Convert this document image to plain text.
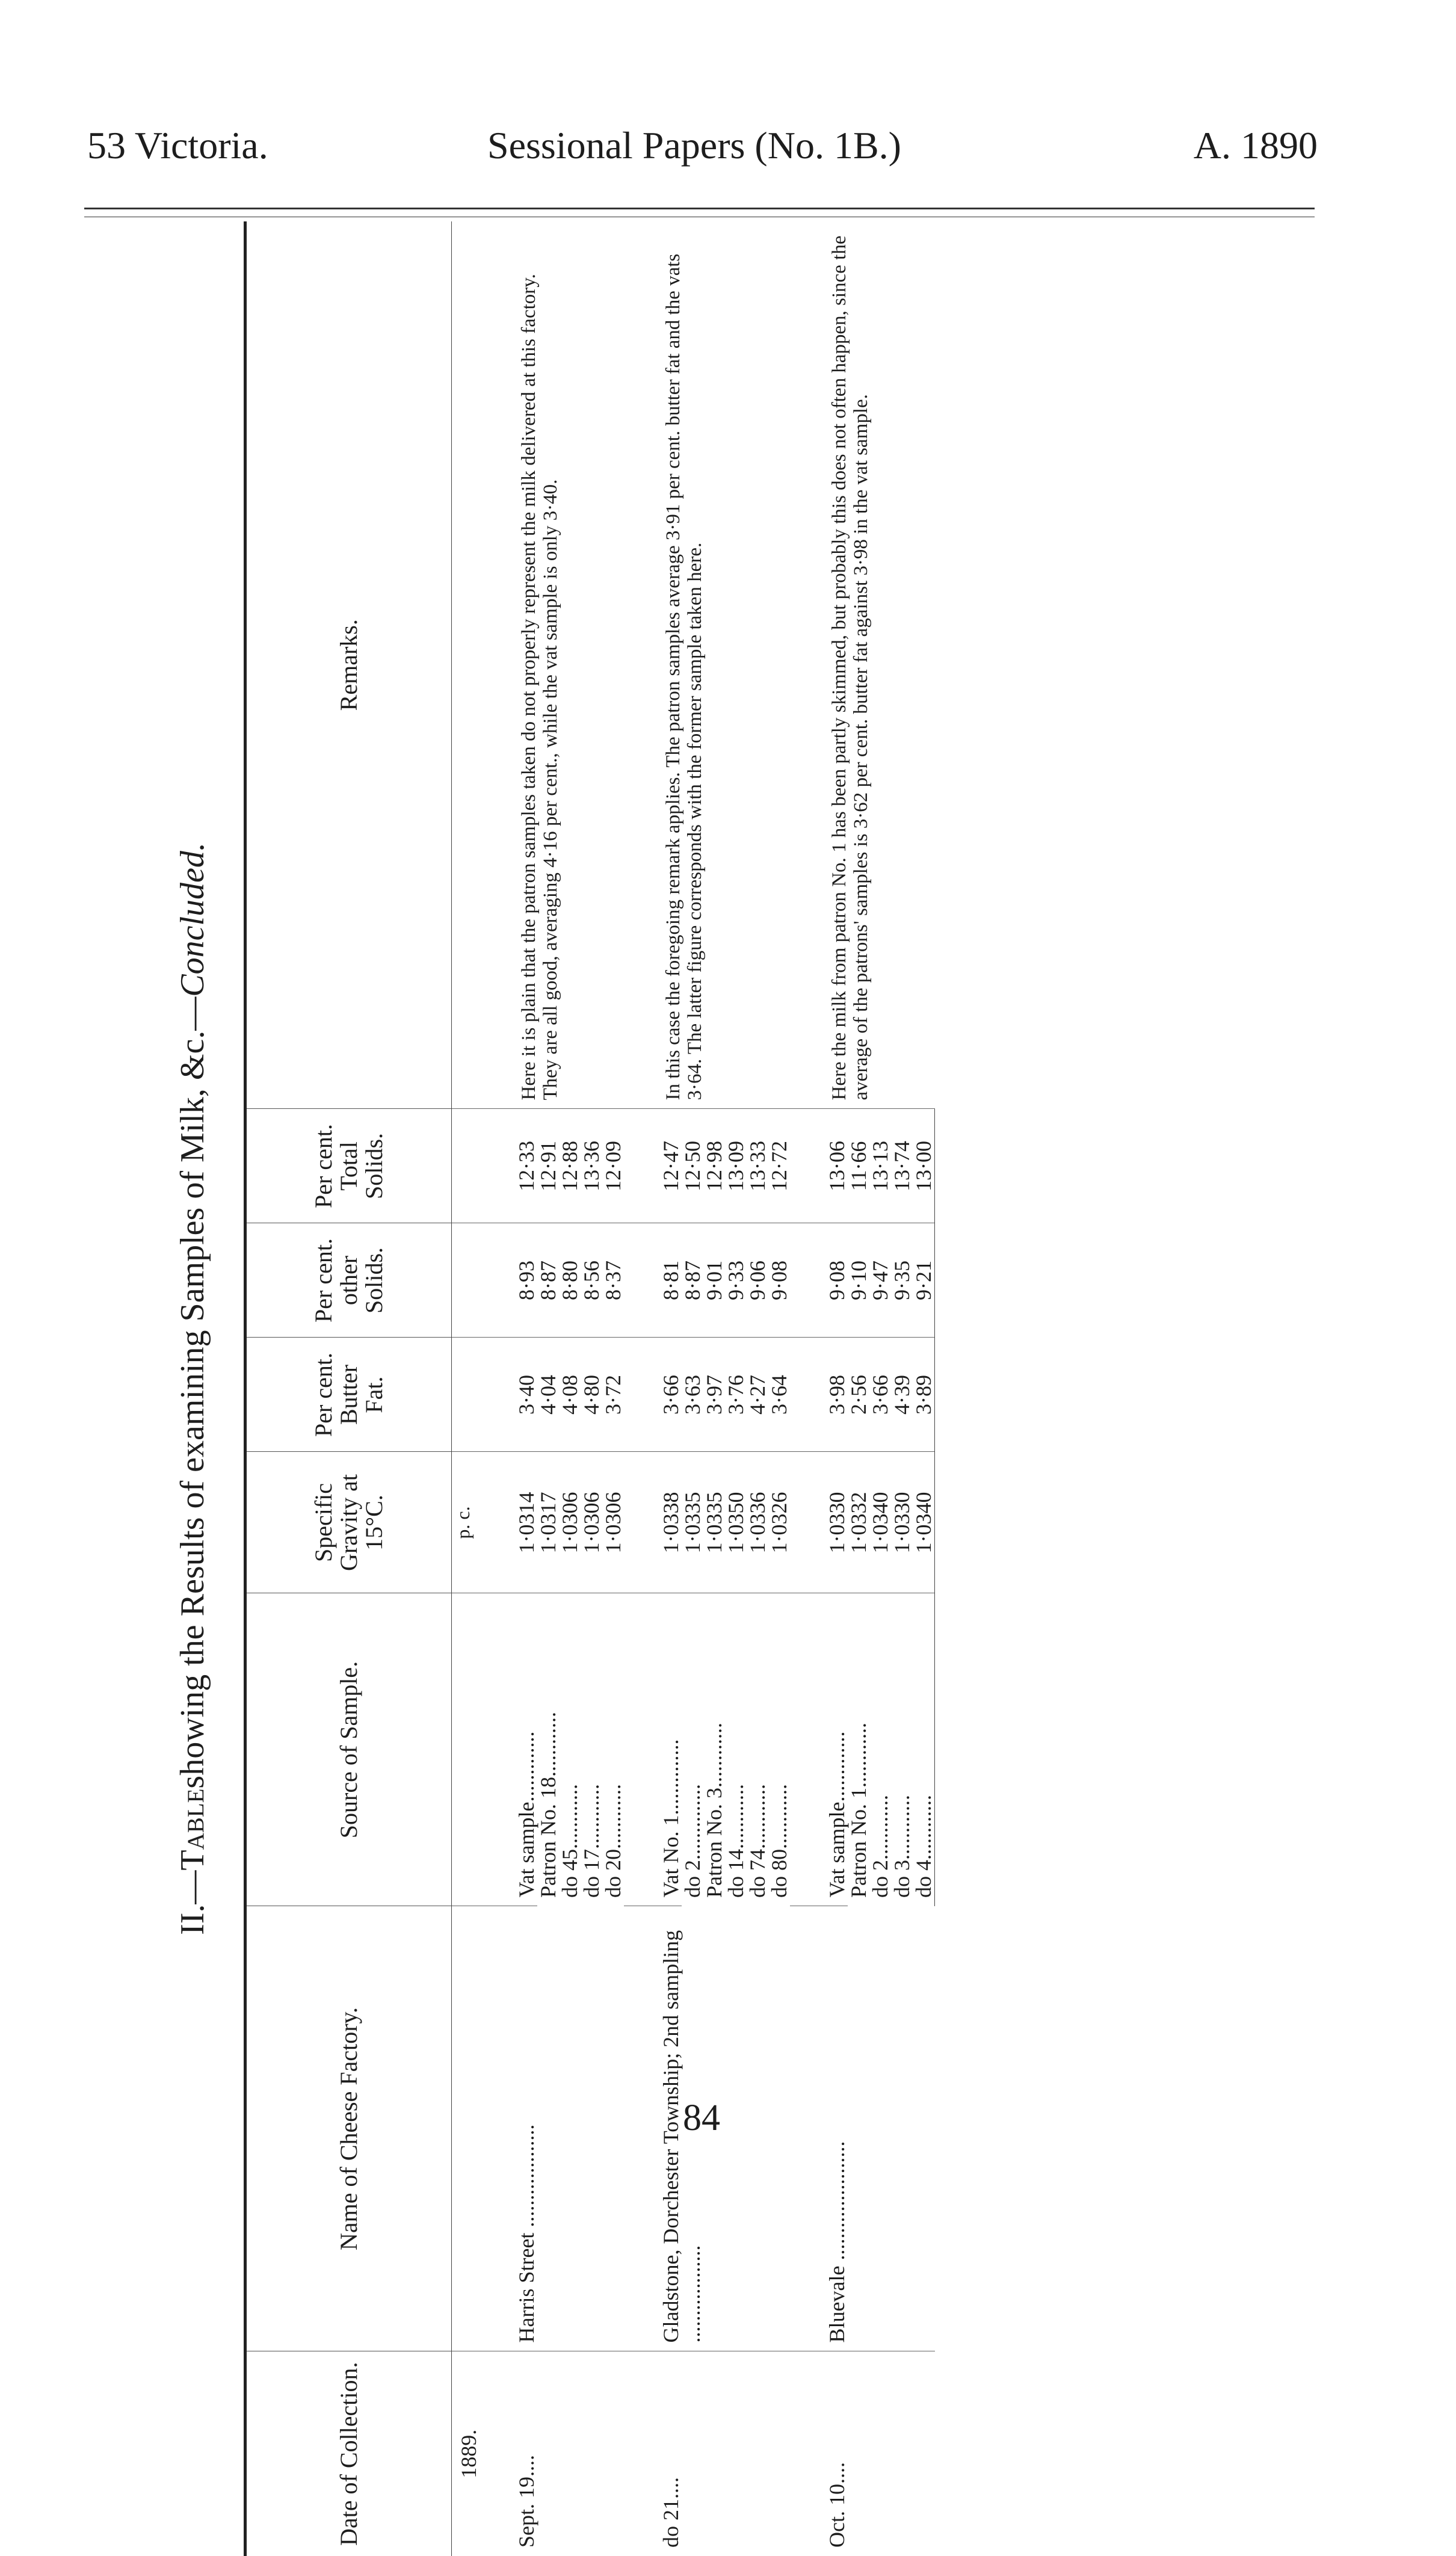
53 Victoria.	Sessional Papers (No. 1B.)	A. 1890
II.—
Table
showing the Results of examining Samples of Milk, &c.—
Concluded.
Date of Collection.	Name of Cheese Factory.	Source of Sample.	Specific Gravity at 15°C.	Per cent. Butter Fat.	Per cent. other Solids.	Per cent. Total Solids.	Remarks.
1889.			p. c.				

Sept. 19....	Harris Street ...................	Vat sample.............	1·0314	3·40	8·93	12·33	Here it is plain that the patron samples taken do not properly represent the milk delivered at this factory. They are all good, averaging 4·16 per cent., while the vat sample is only 3·40.
		Patron No. 18............	1·0317	4·04	8·87	12·91	
		do 45............	1·0306	4·08	8·80	12·88	
		do 17............	1·0306	4·80	8·56	13·36	
		do 20............	1·0306	3·72	8·37	12·09	

do 21....	Gladstone, Dorchester Township; 2nd sampling ..................	Vat No. 1..............	1·0338	3·66	8·81	12·47	In this case the foregoing remark applies. The patron samples average 3·91 per cent. butter fat and the vats 3·64. The latter figure corresponds with the former sample taken here.
		do 2..............	1·0335	3·63	8·87	12·50	
		Patron No. 3............	1·0335	3·97	9·01	12·98	
		do 14............	1·0350	3·76	9·33	13·09	
		do 74............	1·0336	4·27	9·06	13·33	
		do 80............	1·0326	3·64	9·08	12·72	

Oct. 10....	Bluevale ......................	Vat sample.............	1·0330	3·98	9·08	13·06	Here the milk from patron No. 1 has been partly skimmed, but probably this does not often happen, since the average of the patrons' samples is 3·62 per cent. butter fat against 3·98 in the vat sample.
		Patron No. 1............	1·0332	2·56	9·10	11·66	
		do 2............	1·0340	3·66	9·47	13·13	
		do 3............	1·0330	4·39	9·35	13·74	
		do 4............	1·0340	3·89	9·21	13·00	
84
